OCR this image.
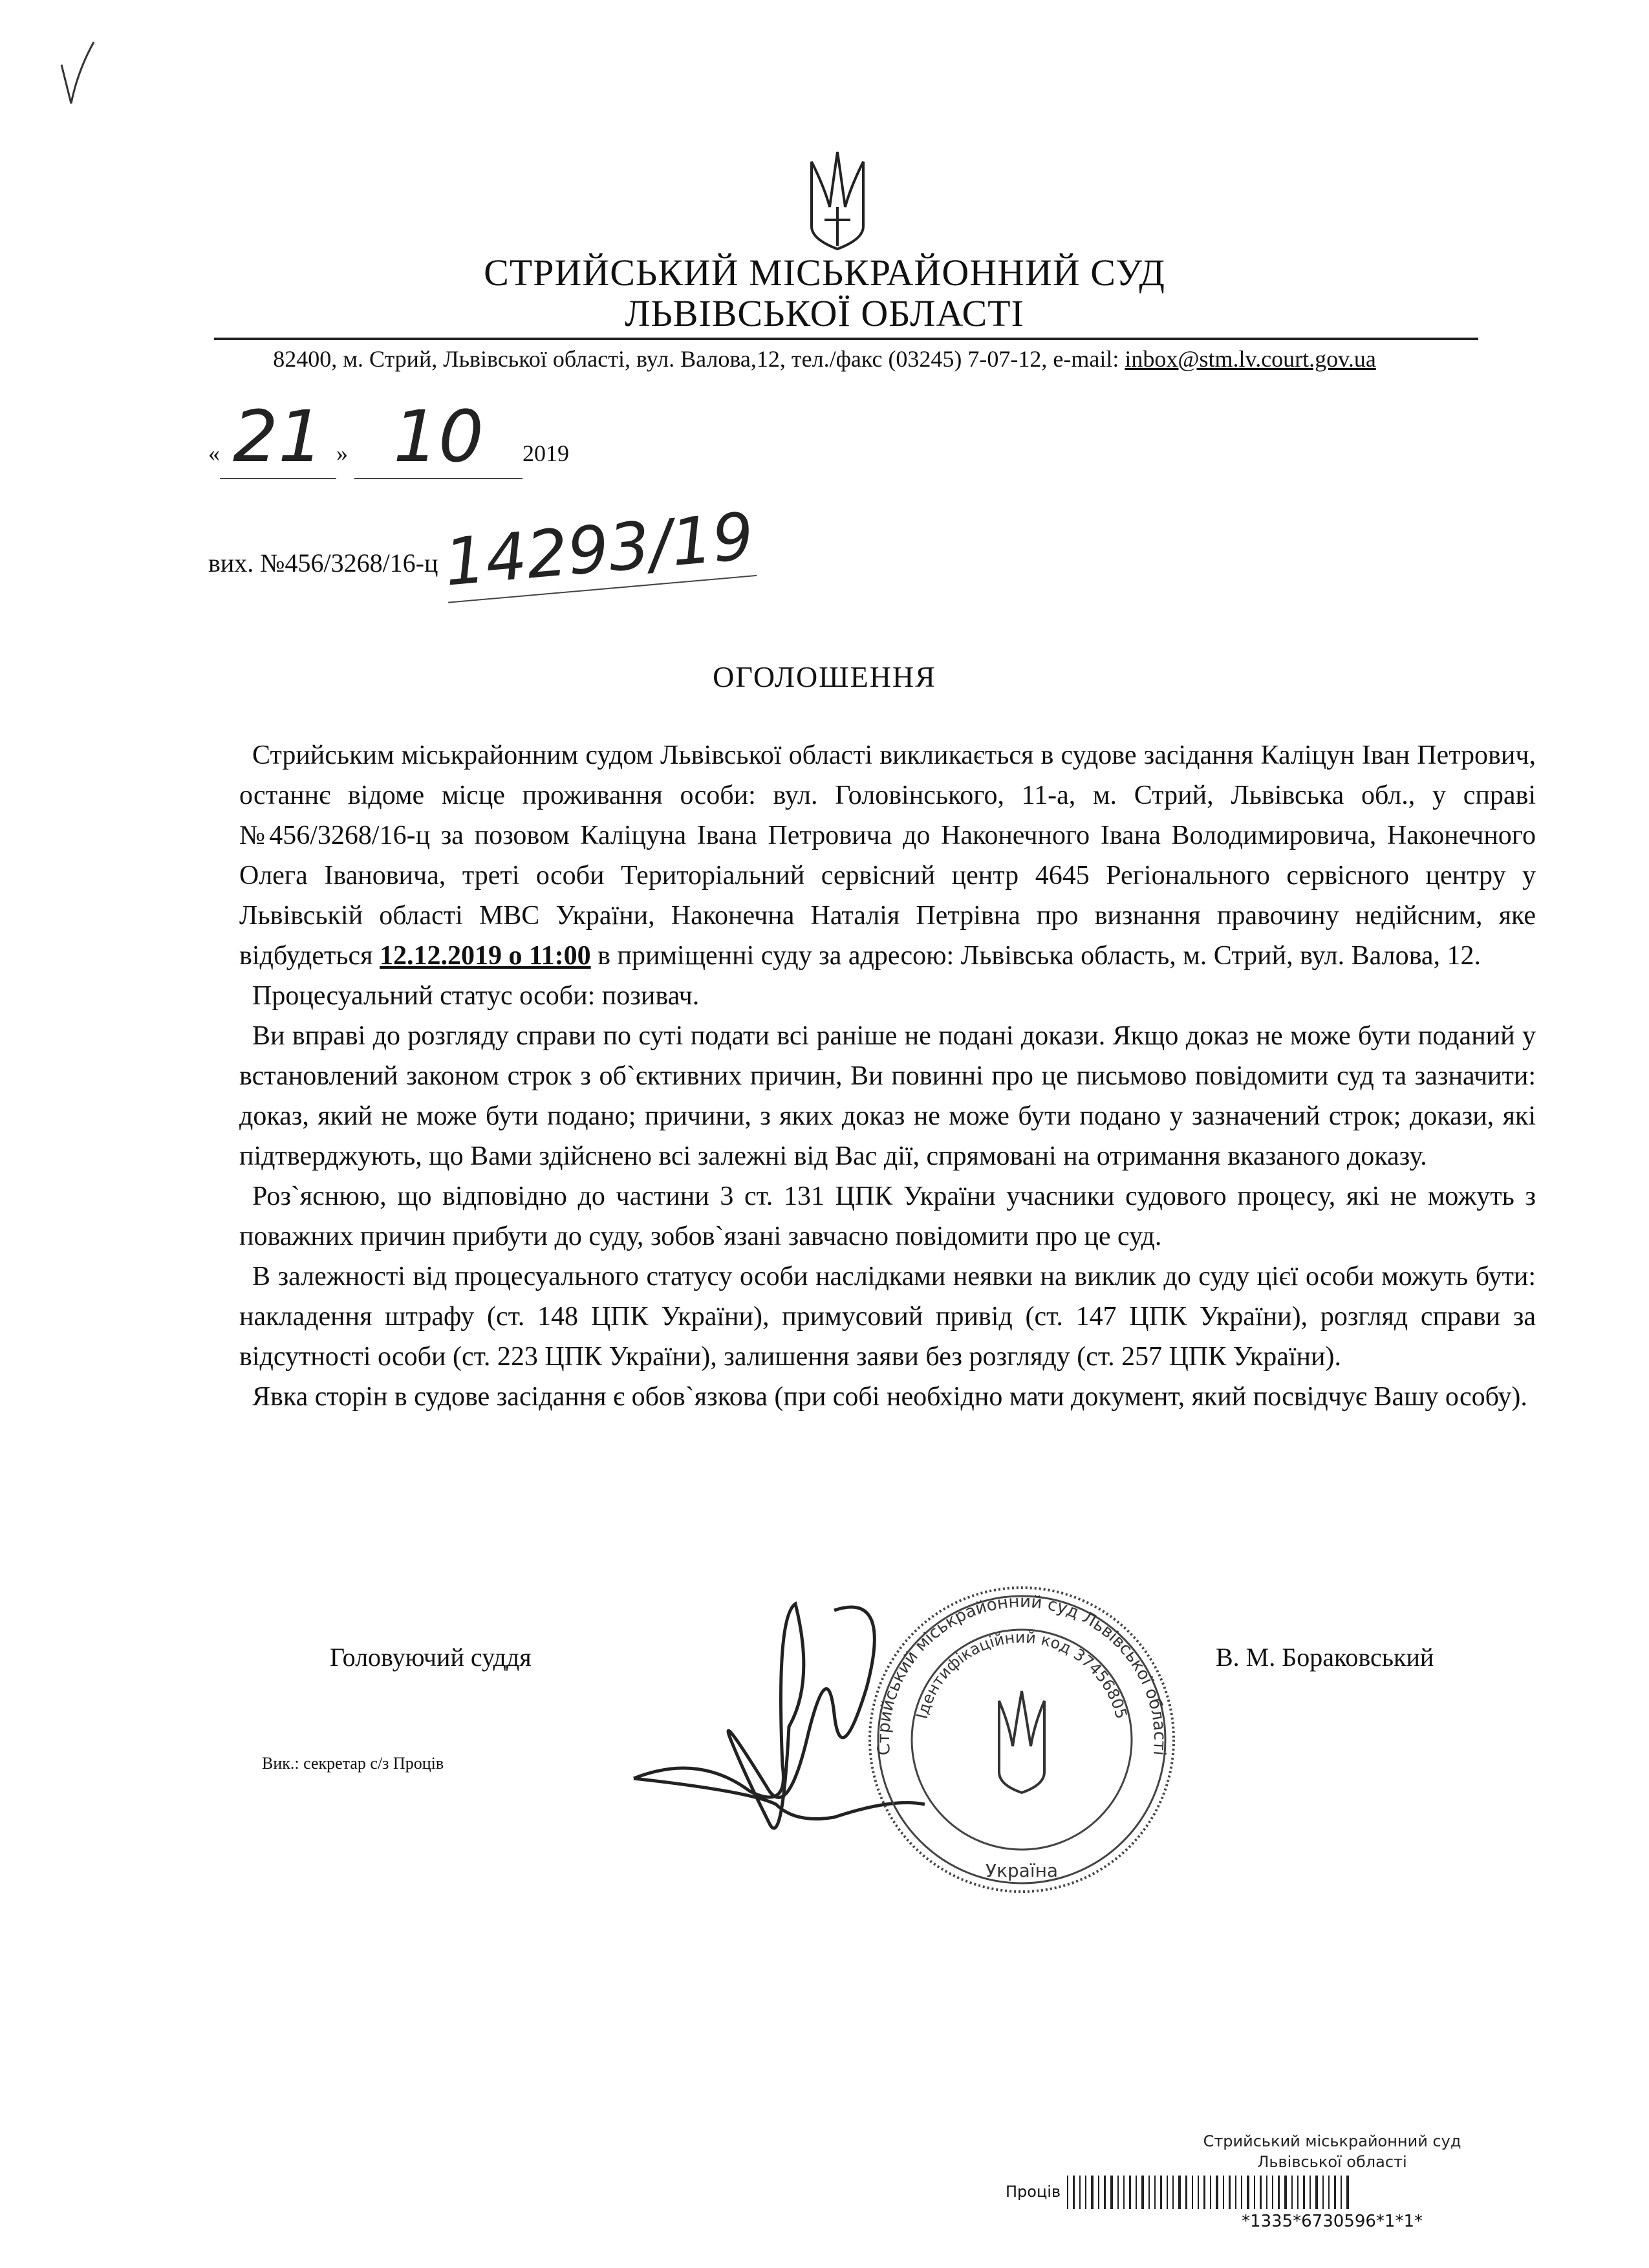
СТРИЙСЬКИЙ МІСЬКРАЙОННИЙ СУД
ЛЬВІВСЬКОЇ ОБЛАСТІ
82400, м. Стрий, Львівської області, вул. Валова,12, тел./факс (03245) 7-07-12, e-mail: inbox@stm.lv.court.gov.ua
« 21 » 10 2019
вих. №456/3268/16-ц 14293/19
ОГОЛОШЕННЯ

Стрийським міськрайонним судом Львівської області викликається в судове засідання Каліцун Іван Петрович, останнє відоме місце проживання особи: вул. Головінського, 11-а, м. Стрий, Львівська обл., у справі №456/3268/16-ц за позовом Каліцуна Івана Петровича до Наконечного Івана Володимировича, Наконечного Олега Івановича, треті особи Територіальний сервісний центр 4645 Регіонального сервісного центру у Львівській області МВС України, Наконечна Наталія Петрівна про визнання правочину недійсним, яке відбудеться 12.12.2019 о 11:00 в приміщенні суду за адресою: Львівська область, м. Стрий, вул. Валова, 12.

Процесуальний статус особи: позивач.

Ви вправі до розгляду справи по суті подати всі раніше не подані докази. Якщо доказ не може бути поданий у встановлений законом строк з об`єктивних причин, Ви повинні про це письмово повідомити суд та зазначити: доказ, який не може бути подано; причини, з яких доказ не може бути подано у зазначений строк; докази, які підтверджують, що Вами здійснено всі залежні від Вас дії, спрямовані на отримання вказаного доказу.

Роз`яснюю, що відповідно до частини 3 ст. 131 ЦПК України учасники судового процесу, які не можуть з поважних причин прибути до суду, зобов`язані завчасно повідомити про це суд.

В залежності від процесуального статусу особи наслідками неявки на виклик до суду цієї особи можуть бути: накладення штрафу (ст. 148 ЦПК України), примусовий привід (ст. 147 ЦПК України), розгляд справи за відсутності особи (ст. 223 ЦПК України), залишення заяви без розгляду (ст. 257 ЦПК України).

Явка сторін в судове засідання є обов`язкова (при собі необхідно мати документ, який посвідчує Вашу особу).

Стрийський міськрайонний суд Львівської області
Ідентифікаційний код 37456805
Україна
Головуючий суддя	В. М. Бораковський
Вик.: секретар с/з Проців
Стрийський міськрайонний суд
Львівської області
Проців
*1335*6730596*1*1*
